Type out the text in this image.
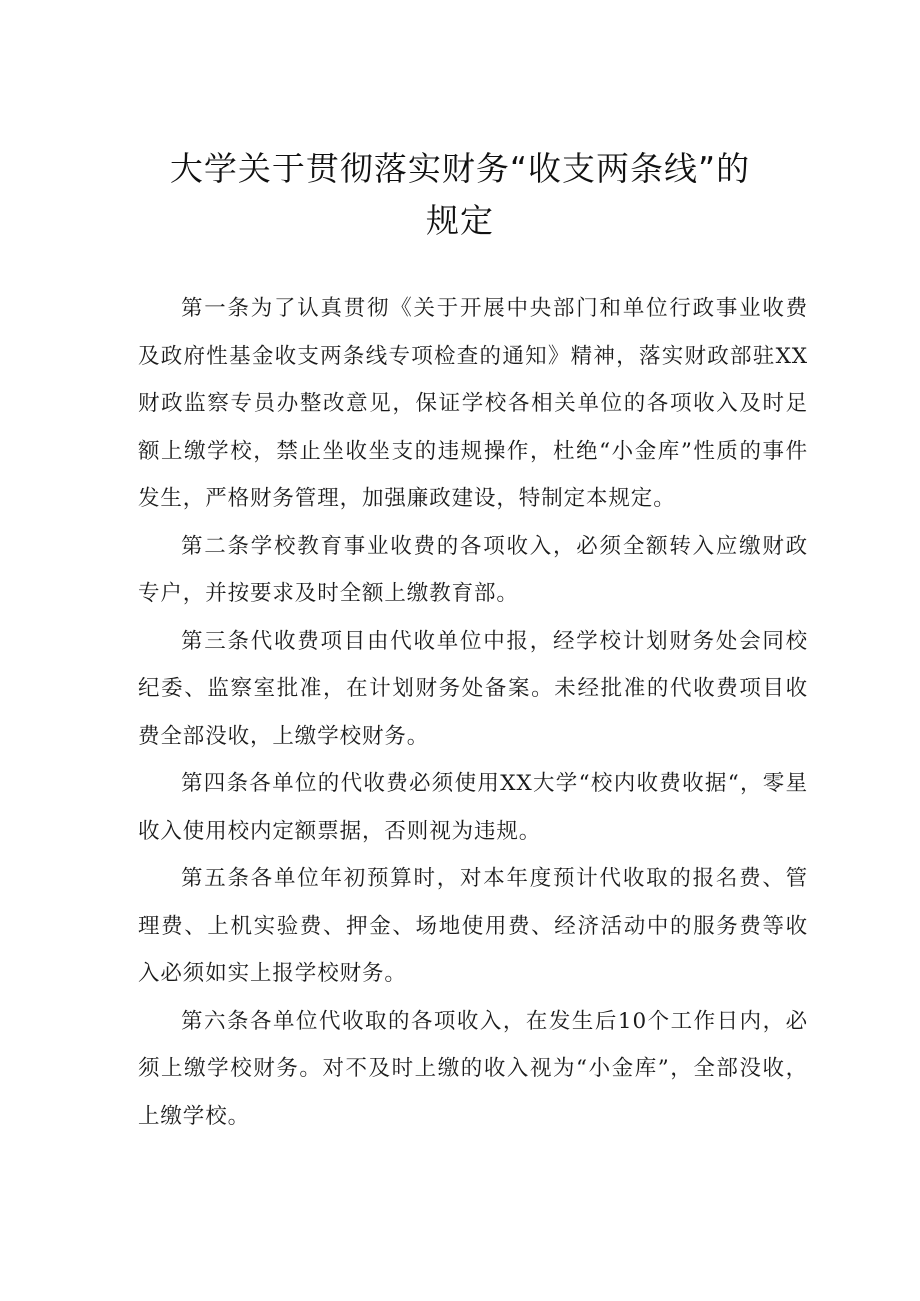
大学关于贯彻落实财务“收支两条线”的
规定

第一条为了认真贯彻《关于开展中央部门和单位行政事业收费及政府性基金收支两条线专项检查的通知》精神，落实财政部驻XX财政监察专员办整改意见，保证学校各相关单位的各项收入及时足额上缴学校，禁止坐收坐支的违规操作，杜绝“小金库”性质的事件发生，严格财务管理，加强廉政建设，特制定本规定。

第二条学校教育事业收费的各项收入，必须全额转入应缴财政专户，并按要求及时全额上缴教育部。

第三条代收费项目由代收单位中报，经学校计划财务处会同校纪委、监察室批准，在计划财务处备案。未经批准的代收费项目收费全部没收，上缴学校财务。

第四条各单位的代收费必须使用XX大学“校内收费收据“，零星收入使用校内定额票据，否则视为违规。

第五条各单位年初预算时，对本年度预计代收取的报名费、管理费、上机实验费、押金、场地使用费、经济活动中的服务费等收入必须如实上报学校财务。

第六条各单位代收取的各项收入，在发生后10个工作日内，必须上缴学校财务。对不及时上缴的收入视为“小金库”，全部没收，上缴学校。
